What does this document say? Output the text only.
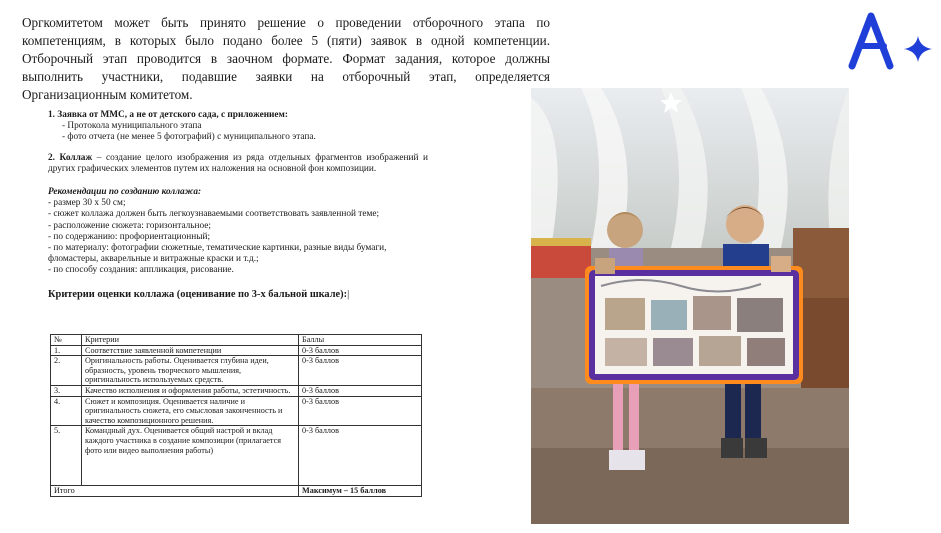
Оргкомитетом может быть принято решение о проведении отборочного этапа по компетенциям, в которых было подано более 5 (пяти) заявок в одной компетенции. Отборочный этап проводится в заочном формате. Формат задания, которое должны выполнить участники, подавшие заявки на отборочный этап, определяется Организационным комитетом.

1. Заявка от ММС, а не от детского сада, с приложением:

- Протокола муниципального этапа

- фото отчета (не менее 5 фотографий) с муниципального этапа.

2. Коллаж – создание целого изображения из ряда отдельных фрагментов изображений и других графических элементов путем их наложения на основной фон композиции.

Рекомендации по созданию коллажа:

- размер 30 х 50 см;

- сюжет коллажа должен быть легкоузнаваемыми соответствовать заявленной теме;

- расположение сюжета: горизонтальное;

- по содержанию: профориентационный;

- по материалу: фотографии сюжетные, тематические картинки, разные виды бумаги, фломастеры, акварельные и витражные краски и т.д.;

- по способу создания: аппликация, рисование.

Критерии оценки коллажа (оценивание по 3-х бальной шкале):|

№	Критерии	Баллы
1.	Соответствие заявленной компетенции	0-3 баллов
2.	Оригинальность работы. Оценивается глубина идеи, образность, уровень творческого мышления, оригинальность используемых средств.	0-3 баллов
3.	Качество исполнения и оформления работы, эстетичность.	0-3 баллов
4.	Сюжет и композиция. Оценивается наличие и оригинальность сюжета, его смысловая законченность и качество композиционного решения.	0-3 баллов
5.	Командный дух. Оценивается общий настрой и вклад каждого участника в создание композиции (прилагается фото или видео выполнения работы)	0-3 баллов
Итого		Максимум – 15 баллов
